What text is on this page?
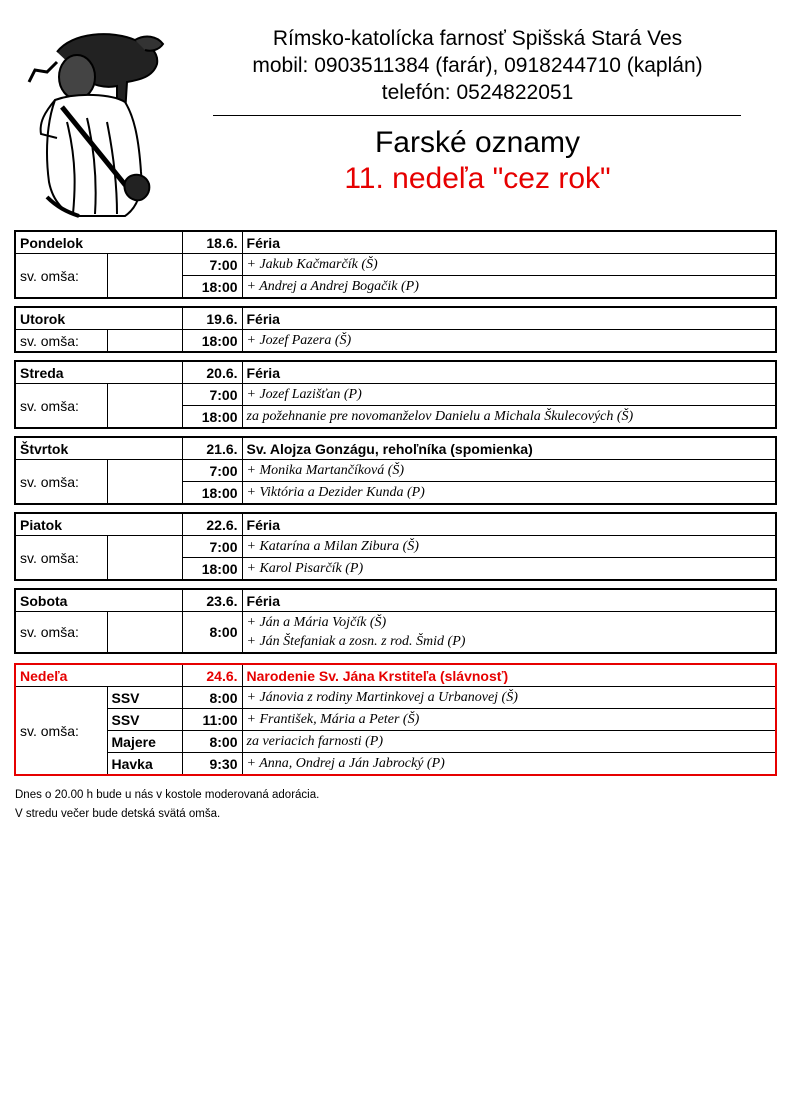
Rímsko-katolícka farnosť Spišská Stará Ves
mobil: 0903511384 (farár), 0918244710 (kaplán)
telefón: 0524822051
Farské oznamy
11. nedeľa "cez rok"
Pondelok		18.6.	Féria
sv. omša:		7:00	+ Jakub Kačmarčík (Š)
		18:00	+ Andrej a Andrej Bogačik (P)
Utorok		19.6.	Féria
sv. omša:		18:00	+ Jozef Pazera (Š)
Streda		20.6.	Féria
sv. omša:		7:00	+ Jozef Lazišťan (P)
		18:00	za požehnanie pre novomanželov Danielu a Michala Škulecových (Š)
Štvrtok		21.6.	Sv. Alojza Gonzágu, rehoľníka (spomienka)
sv. omša:		7:00	+ Monika Martančíková (Š)
		18:00	+ Viktória a Dezider Kunda (P)
Piatok		22.6.	Féria
sv. omša:		7:00	+ Katarína a Milan Zibura (Š)
		18:00	+ Karol Pisarčík (P)
Sobota		23.6.	Féria
sv. omša:		8:00	+ Ján a Mária Vojčík (Š)
+ Ján Štefaniak a zosn. z rod. Šmid (P)
Nedeľa		24.6.	Narodenie Sv. Jána Krstiteľa (slávnosť)
sv. omša:	SSV	8:00	+ Jánovia z rodiny Martinkovej a Urbanovej (Š)
	SSV	11:00	+ František, Mária a Peter (Š)
	Majere	8:00	za veriacich farnosti (P)
	Havka	9:30	+ Anna, Ondrej a Ján Jabrocký (P)
Dnes o 20.00 h bude u nás v kostole moderovaná adorácia.
V stredu večer bude detská svätá omša.
